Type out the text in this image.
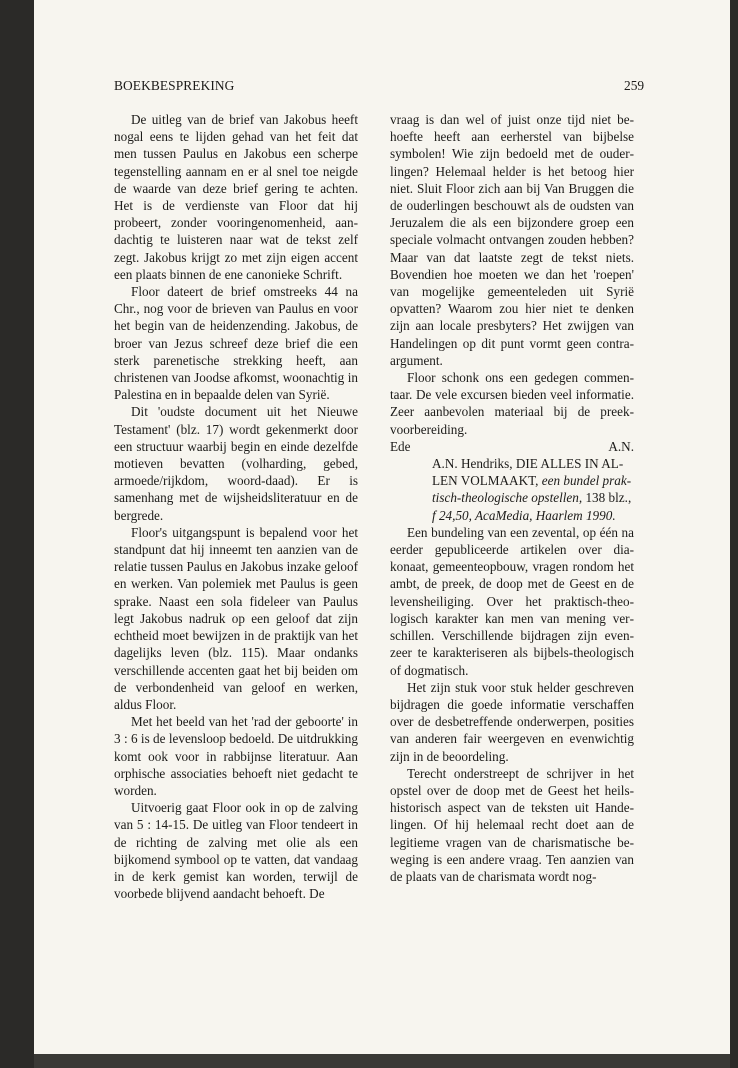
BOEKBESPREKING	259

De uitleg van de brief van Jakobus heeft nogal eens te lijden gehad van het feit dat men tussen Paulus en Jakobus een scherpe tegenstelling aannam en er al snel toe neigde de waarde van deze brief gering te achten. Het is de verdienste van Floor dat hij probeert, zonder vooringenomenheid, aandachtig te luisteren naar wat de tekst zelf zegt. Jakobus krijgt zo met zijn eigen accent een plaats binnen de ene canonieke Schrift.

Floor dateert de brief omstreeks 44 na Chr., nog voor de brieven van Paulus en voor het begin van de heidenzending. Jakobus, de broer van Jezus schreef deze brief die een sterk parenetische strekking heeft, aan christenen van Joodse afkomst, woonachtig in Palestina en in bepaalde delen van Syrië.

Dit 'oudste document uit het Nieuwe Testament' (blz. 17) wordt gekenmerkt door een structuur waarbij begin en einde dezelfde motieven bevatten (volharding, gebed, armoede/rijkdom, woord-daad). Er is samenhang met de wijsheidsliteratuur en de bergrede.

Floor's uitgangspunt is bepalend voor het standpunt dat hij inneemt ten aanzien van de relatie tussen Paulus en Jakobus inzake geloof en werken. Van polemiek met Paulus is geen sprake. Naast een sola fideleer van Paulus legt Jakobus nadruk op een geloof dat zijn echtheid moet bewijzen in de praktijk van het dagelijks leven (blz. 115). Maar ondanks verschillende accenten gaat het bij beiden om de verbondenheid van geloof en werken, aldus Floor.

Met het beeld van het 'rad der geboorte' in 3 : 6 is de levensloop bedoeld. De uitdrukking komt ook voor in rabbijnse literatuur. Aan orphische associaties behoeft niet gedacht te worden.

Uitvoerig gaat Floor ook in op de zalving van 5 : 14-15. De uitleg van Floor tendeert in de richting de zalving met olie als een bijkomend symbool op te vatten, dat vandaag in de kerk gemist kan worden, terwijl de voorbede blijvend aandacht behoeft. De

vraag is dan wel of juist onze tijd niet behoefte heeft aan eerherstel van bijbelse symbolen! Wie zijn bedoeld met de ouderlingen? Helemaal helder is het betoog hier niet. Sluit Floor zich aan bij Van Bruggen die de ouderlingen beschouwt als de oudsten van Jeruzalem die als een bijzondere groep een speciale volmacht ontvangen zouden hebben? Maar van dat laatste zegt de tekst niets. Bovendien hoe moeten we dan het 'roepen' van mogelijke gemeenteleden uit Syrië opvatten? Waarom zou hier niet te denken zijn aan locale presbyters? Het zwijgen van Handelingen op dit punt vormt geen contra-argument.

Floor schonk ons een gedegen commentaar. De vele excursen bieden veel informatie. Zeer aanbevolen materiaal bij de preekvoorbereiding.

Ede	A.N.

A.N. Hendriks, DIE ALLES IN ALLEN VOLMAAKT, een bundel praktisch-theologische opstellen, 138 blz.,
f 24,50, AcaMedia, Haarlem 1990.

Een bundeling van een zevental, op één na eerder gepubliceerde artikelen over diakonaat, gemeenteopbouw, vragen rondom het ambt, de preek, de doop met de Geest en de levensheiliging. Over het praktisch-theologisch karakter kan men van mening verschillen. Verschillende bijdragen zijn evenzeer te karakteriseren als bijbels-theologisch of dogmatisch.

Het zijn stuk voor stuk helder geschreven bijdragen die goede informatie verschaffen over de desbetreffende onderwerpen, posities van anderen fair weergeven en evenwichtig zijn in de beoordeling.

Terecht onderstreept de schrijver in het opstel over de doop met de Geest het heilshistorisch aspect van de teksten uit Handelingen. Of hij helemaal recht doet aan de legitieme vragen van de charismatische beweging is een andere vraag. Ten aanzien van de plaats van de charismata wordt nog-
